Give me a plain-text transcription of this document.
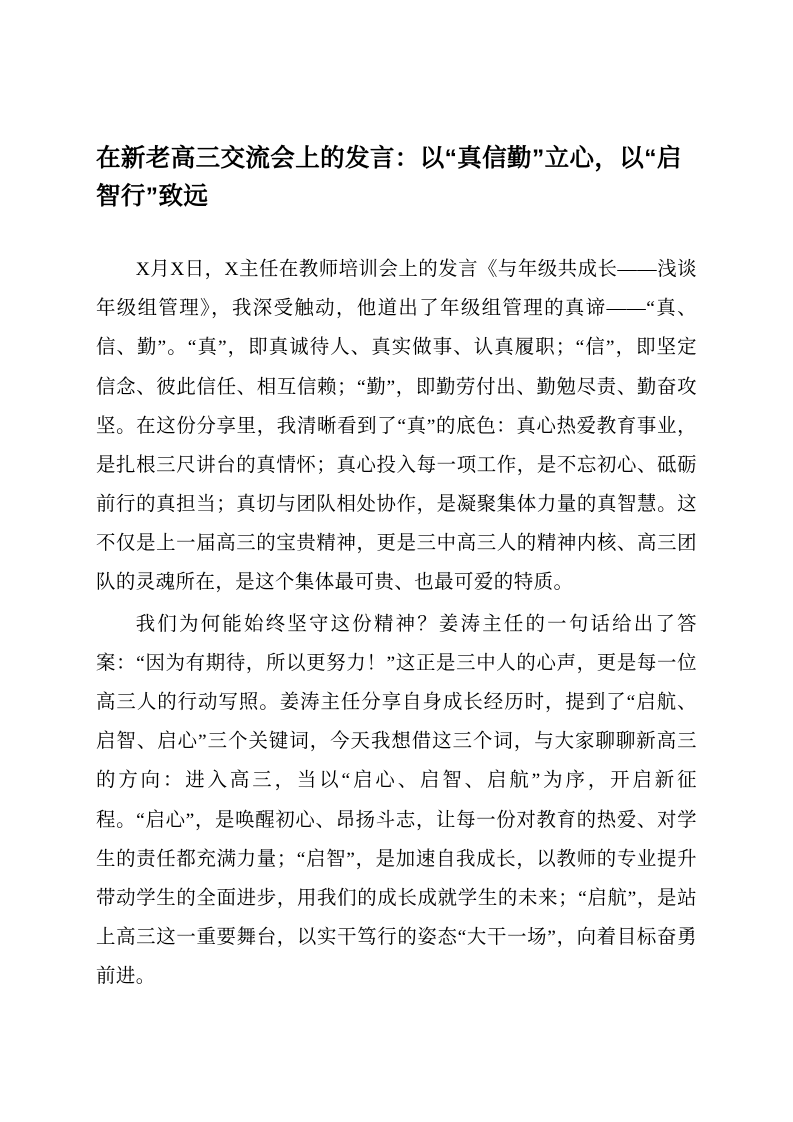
在新老高三交流会上的发言：以“真信勤”立心，以“启智行”致远

X月X日，X主任在教师培训会上的发言《与年级共成长——浅谈年级组管理》，我深受触动，他道出了年级组管理的真谛——“真、信、勤”。“真”，即真诚待人、真实做事、认真履职；“信”，即坚定信念、彼此信任、相互信赖；“勤”，即勤劳付出、勤勉尽责、勤奋攻坚。在这份分享里，我清晰看到了“真”的底色：真心热爱教育事业，是扎根三尺讲台的真情怀；真心投入每一项工作，是不忘初心、砥砺前行的真担当；真切与团队相处协作，是凝聚集体力量的真智慧。这不仅是上一届高三的宝贵精神，更是三中高三人的精神内核、高三团队的灵魂所在，是这个集体最可贵、也最可爱的特质。

我们为何能始终坚守这份精神？姜涛主任的一句话给出了答案：“因为有期待，所以更努力！”这正是三中人的心声，更是每一位高三人的行动写照。姜涛主任分享自身成长经历时，提到了“启航、启智、启心”三个关键词，今天我想借这三个词，与大家聊聊新高三的方向：进入高三，当以“启心、启智、启航”为序，开启新征程。“启心”，是唤醒初心、昂扬斗志，让每一份对教育的热爱、对学生的责任都充满力量；“启智”，是加速自我成长，以教师的专业提升带动学生的全面进步，用我们的成长成就学生的未来；“启航”，是站上高三这一重要舞台，以实干笃行的姿态“大干一场”，向着目标奋勇前进。
